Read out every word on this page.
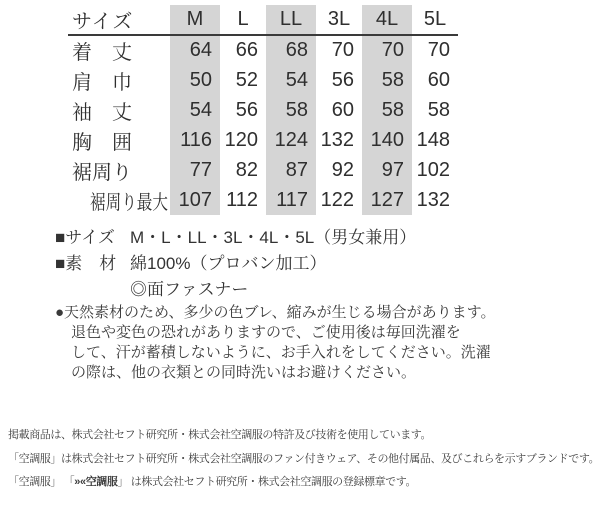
サイズ	M	L	LL	3L	4L	5L
着　丈	64	66	68	70	70	70
肩　巾	50	52	54	56	58	60
袖　丈	54	56	58	60	58	58
胸　囲	116	120	124	132	140	148
裾周り	77	82	87	92	97	102
裾周り最大	107	112	117	122	127	132
■サイズ M・L・LL・3L・4L・5L（男女兼用）
■素　材 綿100%（プロバン加工）
◎面ファスナー
●天然素材のため、多少の色ブレ、縮みが生じる場合があります。
退色や変色の恐れがありますので、ご使用後は毎回洗濯を
して、汗が蓄積しないように、お手入れをしてください。洗濯
の際は、他の衣類との同時洗いはお避けください。
掲載商品は、株式会社セフト研究所・株式会社空調服の特許及び技術を使用しています。
「空調服」は株式会社セフト研究所・株式会社空調服のファン付きウェア、その他付属品、及びこれらを示すブランドです。
「空調服」 「»«空調服」 は株式会社セフト研究所・株式会社空調服の登録標章です。
